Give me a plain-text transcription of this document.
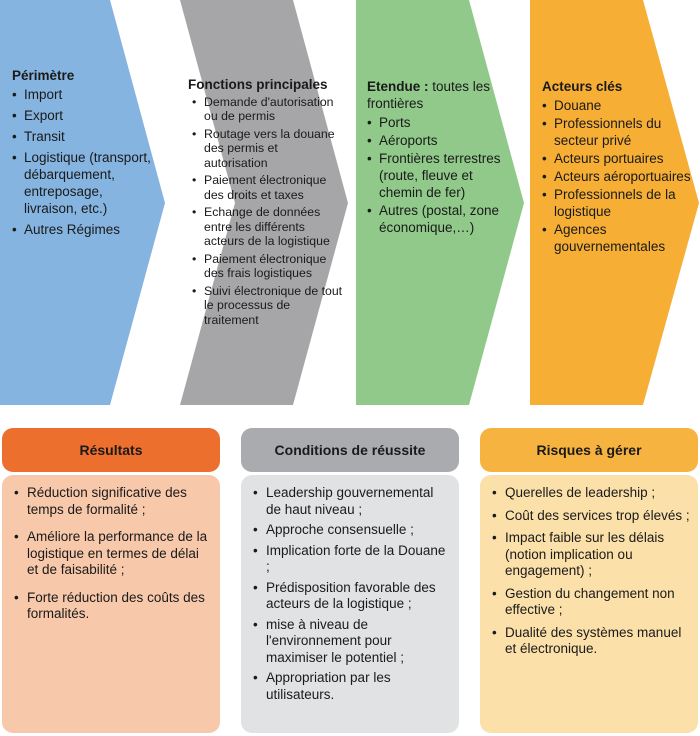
Périmètre
• Import
• Export
• Transit
• Logistique (transport, débarquement, entreposage, livraison, etc.)
• Autres Régimes
Fonctions principales
• Demande d'autorisation ou de permis
• Routage vers la douane des permis et autorisation
• Paiement électronique des droits et taxes
• Echange de données entre les différents acteurs de la logistique
• Paiement électronique des frais logistiques
• Suivi électronique de tout le processus de traitement
Etendue : toutes les frontières
• Ports
• Aéroports
• Frontières terrestres (route, fleuve et chemin de fer)
• Autres (postal, zone économique,…)
Acteurs clés
• Douane
• Professionnels du secteur privé
• Acteurs portuaires
• Acteurs aéroportuaires
• Professionnels de la logistique
• Agences gouvernementales
Résultats
• Réduction significative des temps de formalité ;
• Améliore la performance de la logistique en termes de délai et de faisabilité ;
• Forte réduction des coûts des formalités.
Conditions de réussite
• Leadership gouvernemental de haut niveau ;
• Approche consensuelle ;
• Implication forte de la Douane ;
• Prédisposition favorable des acteurs de la logistique ;
• mise à niveau de l'environnement pour maximiser le potentiel ;
• Appropriation par les utilisateurs.
Risques à gérer
• Querelles de leadership ;
• Coût des services trop élevés ;
• Impact faible sur les délais (notion implication ou engagement) ;
• Gestion du changement non effective ;
• Dualité des systèmes manuel et électronique.
